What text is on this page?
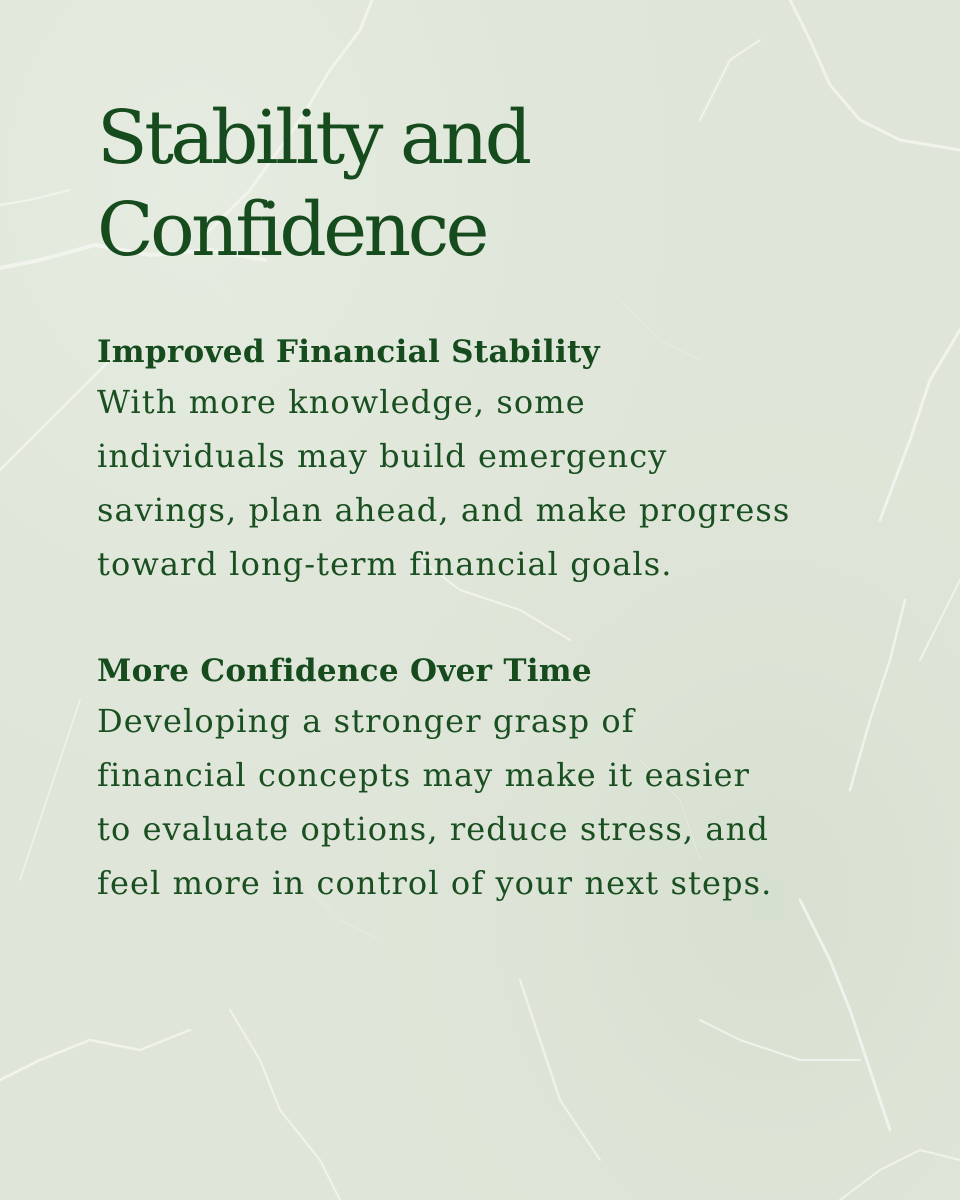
Stability and
Confidence
Improved Financial Stability
With more knowledge, some
individuals may build emergency
savings, plan ahead, and make progress
toward long-term financial goals.
More Confidence Over Time
Developing a stronger grasp of
financial concepts may make it easier
to evaluate options, reduce stress, and
feel more in control of your next steps.
